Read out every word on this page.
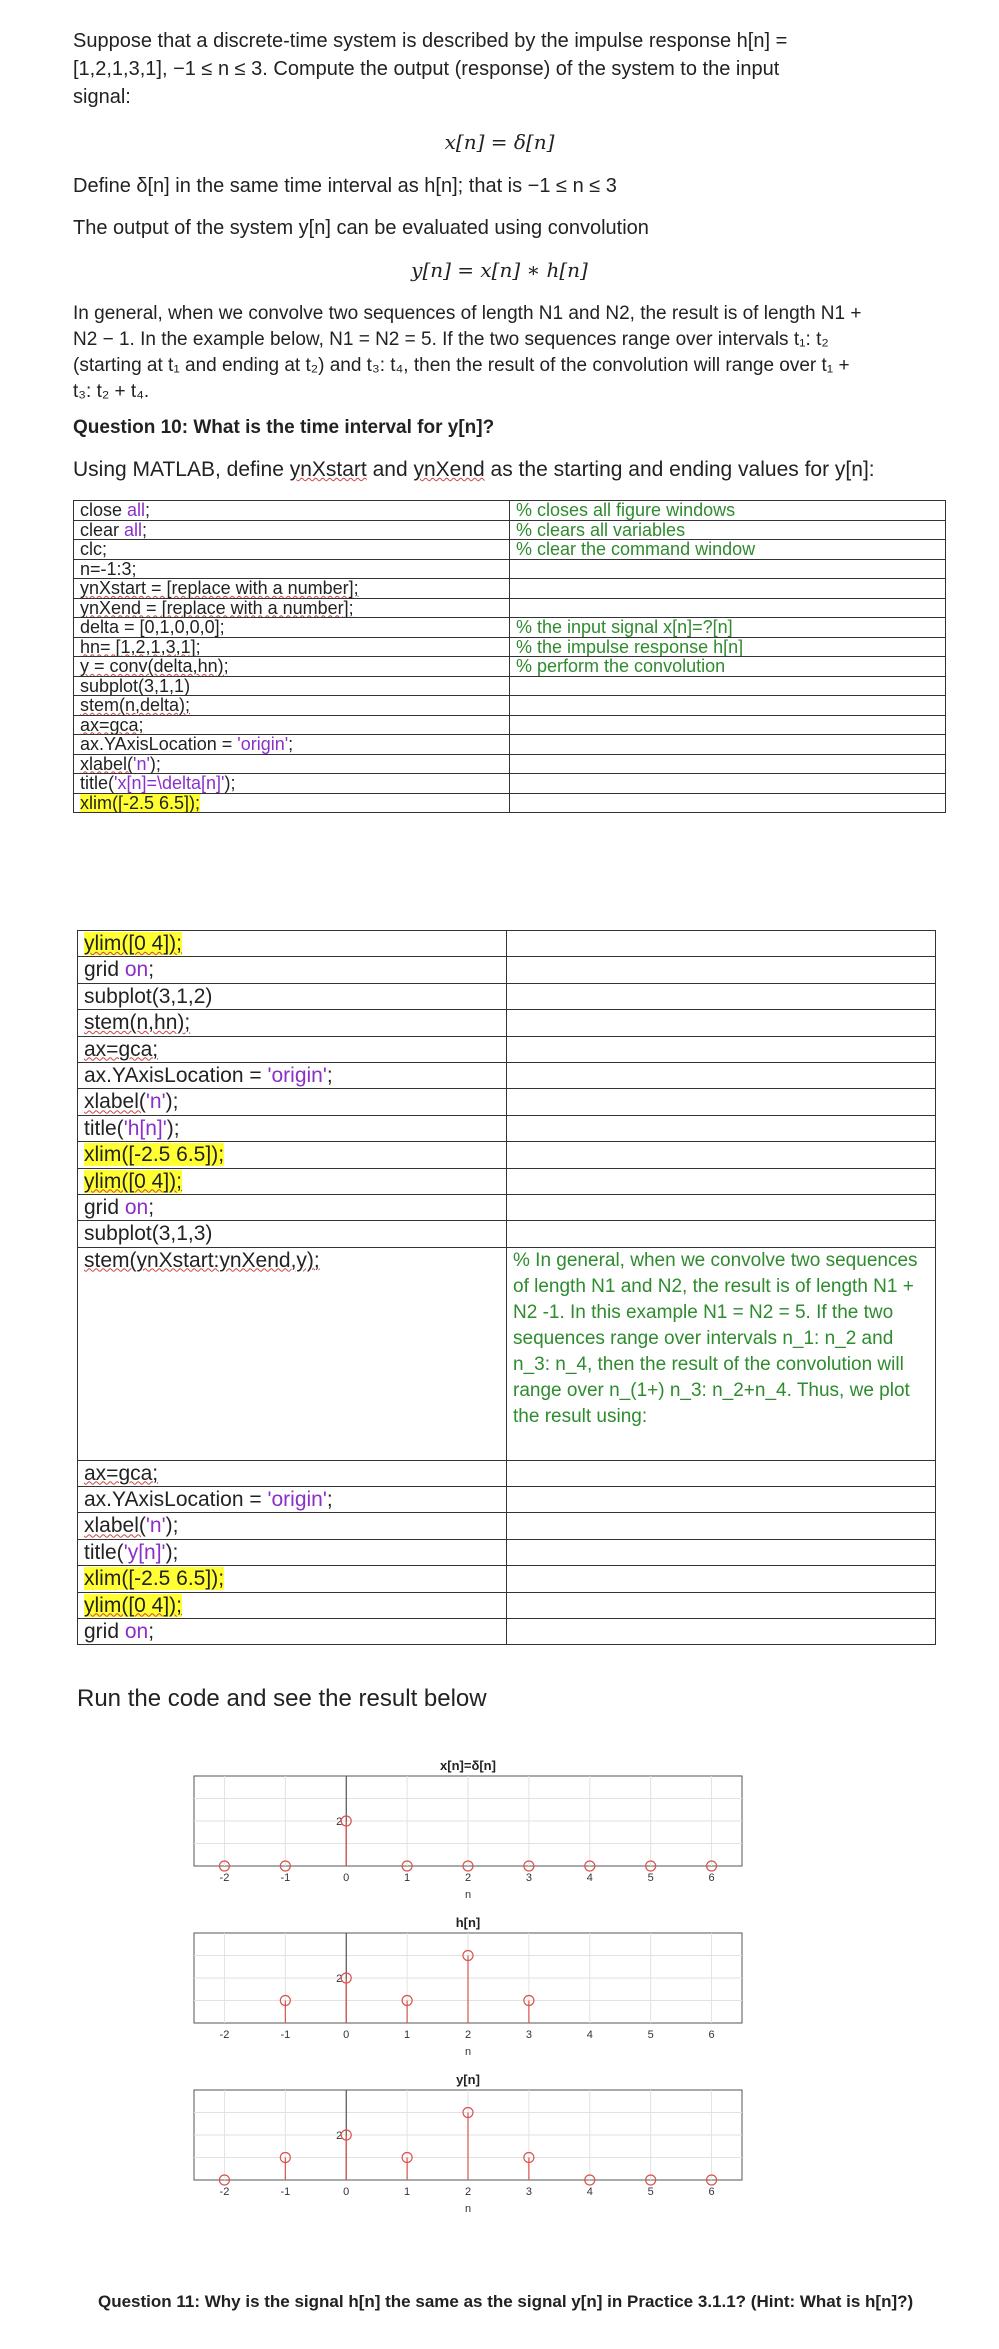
Suppose that a discrete-time system is described by the impulse response h[n] =
[1,2,1,3,1], −1 ≤ n ≤ 3. Compute the output (response) of the system to the input
signal:
x[n] = δ[n]
Define δ[n] in the same time interval as h[n]; that is −1 ≤ n ≤ 3
The output of the system y[n] can be evaluated using convolution
y[n] = x[n] ∗ h[n]
In general, when we convolve two sequences of length N1 and N2, the result is of length N1 +
N2 − 1. In the example below, N1 = N2 = 5. If the two sequences range over intervals t₁: t₂
(starting at t₁ and ending at t₂) and t₃: t₄, then the result of the convolution will range over t₁ +
t₃: t₂ + t₄.
Question 10: What is the time interval for y[n]?
Using MATLAB, define ynXstart and ynXend as the starting and ending values for y[n]:
close all;	% closes all figure windows
clear all;	% clears all variables
clc;	% clear the command window
n=-1:3;	
ynXstart = [replace with a number];	
ynXend = [replace with a number];	
delta = [0,1,0,0,0];	% the input signal x[n]=?[n]
hn= [1,2,1,3,1];	% the impulse response h[n]
y = conv(delta,hn);	% perform the convolution
subplot(3,1,1)	
stem(n,delta);	
ax=gca;	
ax.YAxisLocation = 'origin';	
xlabel('n');	
title('x[n]=\delta[n]');	
xlim([-2.5 6.5]);	
ylim([0 4]);	
grid on;	
subplot(3,1,2)	
stem(n,hn);	
ax=gca;	
ax.YAxisLocation = 'origin';	
xlabel('n');	
title('h[n]');	
xlim([-2.5 6.5]);	
ylim([0 4]);	
grid on;	
subplot(3,1,3)	
stem(ynXstart:ynXend,y);	% In general, when we convolve two sequences of length N1 and N2, the result is of length N1 + N2 -1. In this example N1 = N2 = 5. If the two sequences range over intervals n_1: n_2 and n_3: n_4, then the result of the convolution will range over n_(1+) n_3: n_2+n_4. Thus, we plot the result using:
ax=gca;	
ax.YAxisLocation = 'origin';	
xlabel('n');	
title('y[n]');	
xlim([-2.5 6.5]);	
ylim([0 4]);	
grid on;	
Run the code and see the result below
x[n]=δ[n]
2
-2	-1	0	1	2	3	4	5	6
n
h[n]
2
-2	-1	0	1	2	3	4	5	6
n
y[n]
2
-2	-1	0	1	2	3	4	5	6
n
Question 11: Why is the signal h[n] the same as the signal y[n] in Practice 3.1.1? (Hint: What is h[n]?)
